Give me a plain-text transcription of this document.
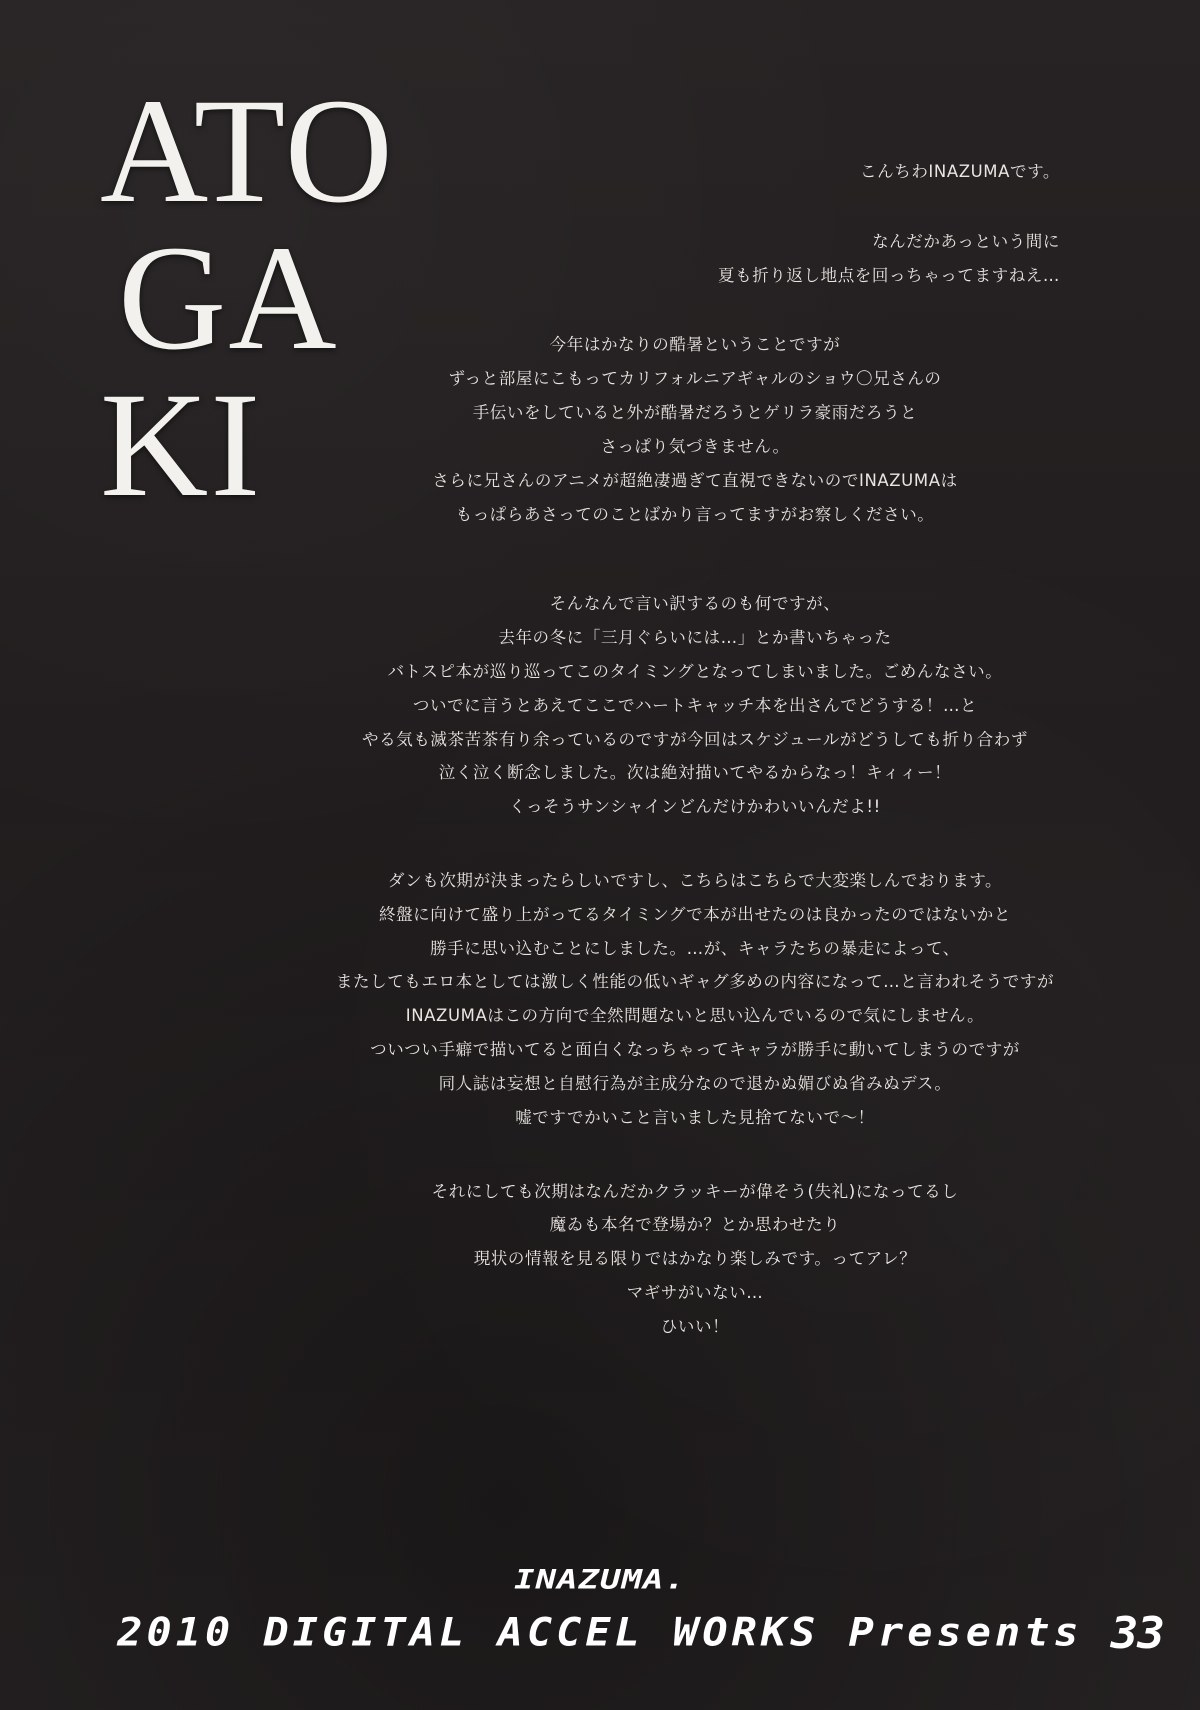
ATO
GA
KI

こんちわINAZUMAです。

なんだかあっという間に

夏も折り返し地点を回っちゃってますねえ…

今年はかなりの酷暑ということですが

ずっと部屋にこもってカリフォルニアギャルのショウ〇兄さんの

手伝いをしていると外が酷暑だろうとゲリラ豪雨だろうと

さっぱり気づきません。

さらに兄さんのアニメが超絶凄過ぎて直視できないのでINAZUMAは

もっぱらあさってのことばかり言ってますがお察しください。

そんなんで言い訳するのも何ですが、

去年の冬に「三月ぐらいには…」とか書いちゃった

バトスピ本が巡り巡ってこのタイミングとなってしまいました。ごめんなさい。

ついでに言うとあえてここでハートキャッチ本を出さんでどうする！…と

やる気も滅茶苦茶有り余っているのですが今回はスケジュールがどうしても折り合わず

泣く泣く断念しました。次は絶対描いてやるからなっ！キィィー！

くっそうサンシャインどんだけかわいいんだよ!!

ダンも次期が決まったらしいですし、こちらはこちらで大変楽しんでおります。

終盤に向けて盛り上がってるタイミングで本が出せたのは良かったのではないかと

勝手に思い込むことにしました。…が、キャラたちの暴走によって、

またしてもエロ本としては激しく性能の低いギャグ多めの内容になって…と言われそうですが

INAZUMAはこの方向で全然問題ないと思い込んでいるので気にしません。

ついつい手癖で描いてると面白くなっちゃってキャラが勝手に動いてしまうのですが

同人誌は妄想と自慰行為が主成分なので退かぬ媚びぬ省みぬデス。

嘘ですでかいこと言いました見捨てないで～！

それにしても次期はなんだかクラッキーが偉そう(失礼)になってるし

魔ゐも本名で登場か？とか思わせたり

現状の情報を見る限りではかなり楽しみです。ってアレ？

マギサがいない…

ひいい！

INAZUMA.
2010 DIGITAL ACCEL WORKS Presents 33
